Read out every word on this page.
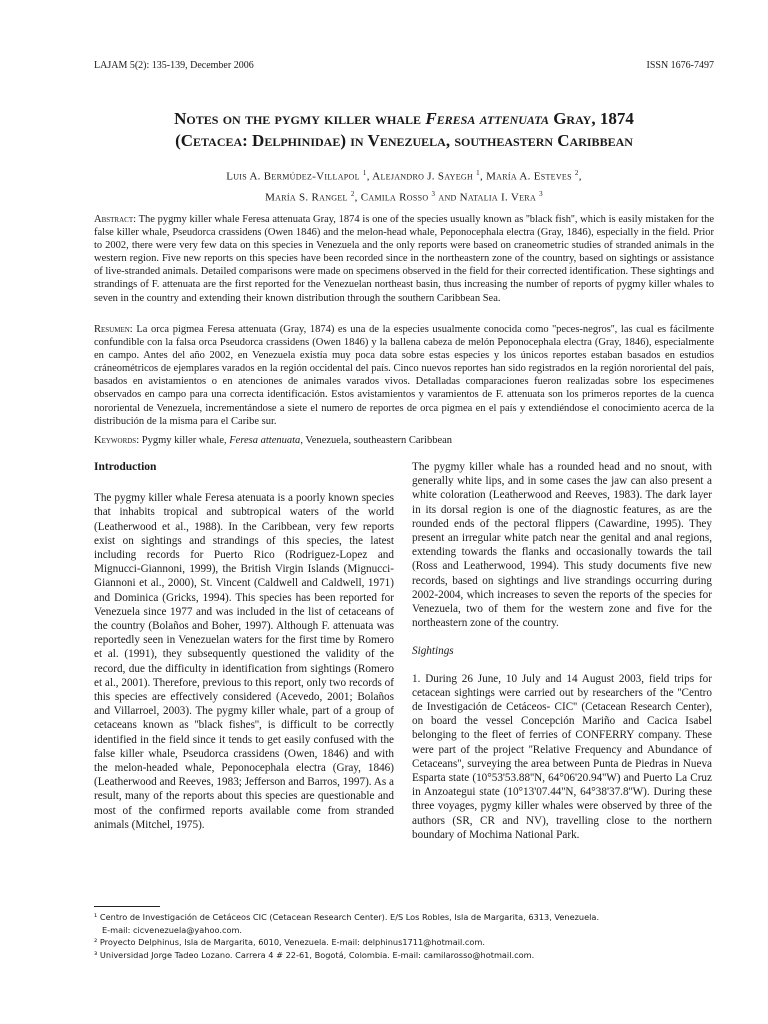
LAJAM 5(2): 135-139, December 2006	ISSN 1676-7497
Notes on the pygmy killer whale Feresa attenuata Gray, 1874
(Cetacea: Delphinidae) in Venezuela, southeastern Caribbean
Luis A. Bermúdez-Villapol $^1$, Alejandro J. Sayegh $^1$, María A. Esteves $^2$,
María S. Rangel $^2$, Camila Rosso $^3$ and Natalia I. Vera $^3$
Abstract: The pygmy killer whale Feresa attenuata Gray, 1874 is one of the species usually known as ''black fish'', which is easily mistaken for the false killer whale, Pseudorca crassidens (Owen 1846) and the melon-head whale, Peponocephala electra (Gray, 1846), especially in the field. Prior to 2002, there were very few data on this species in Venezuela and the only reports were based on craneometric studies of stranded animals in the western region. Five new reports on this species have been recorded since in the northeastern zone of the country, based on sightings or assistance of live-stranded animals. Detailed comparisons were made on specimens observed in the field for their corrected identification. These sightings and strandings of F. attenuata are the first reported for the Venezuelan northeast basin, thus increasing the number of reports of pygmy killer whales to seven in the country and extending their known distribution through the southern Caribbean Sea.
Resumen: La orca pigmea Feresa attenuata (Gray, 1874) es una de la especies usualmente conocida como ''peces-negros'', las cual es fácilmente confundible con la falsa orca Pseudorca crassidens (Owen 1846) y la ballena cabeza de melón Peponocephala electra (Gray, 1846), especialmente en campo. Antes del año 2002, en Venezuela existía muy poca data sobre estas especies y los únicos reportes estaban basados en estudios cráneométricos de ejemplares varados en la región occidental del país. Cinco nuevos reportes han sido registrados en la región nororiental del país, basados en avistamientos o en atenciones de animales varados vivos. Detalladas comparaciones fueron realizadas sobre los especimenes observados en campo para una correcta identificación. Estos avistamientos y varamientos de F. attenuata son los primeros reportes de la cuenca nororiental de Venezuela, incrementándose a siete el numero de reportes de orca pigmea en el país y extendiéndose el conocimiento acerca de la distribución de la misma para el Caribe sur.
Keywords: Pygmy killer whale, Feresa attenuata, Venezuela, southeastern Caribbean
Introduction

The pygmy killer whale Feresa atenuata is a poorly known species that inhabits tropical and subtropical waters of the world (Leatherwood et al., 1988). In the Caribbean, very few reports exist on sightings and strandings of this species, the latest including records for Puerto Rico (Rodriguez-Lopez and Mignucci-Giannoni, 1999), the British Virgin Islands (Mignucci-Giannoni et al., 2000), St. Vincent (Caldwell and Caldwell, 1971) and Dominica (Gricks, 1994). This species has been reported for Venezuela since 1977 and was included in the list of cetaceans of the country (Bolaños and Boher, 1997). Although F. attenuata was reportedly seen in Venezuelan waters for the first time by Romero et al. (1991), they subsequently questioned the validity of the record, due the difficulty in identification from sightings (Romero et al., 2001). Therefore, previous to this report, only two records of this species are effectively considered (Acevedo, 2001; Bolaños and Villarroel, 2003). The pygmy killer whale, part of a group of cetaceans known as ''black fishes'', is difficult to be correctly identified in the field since it tends to get easily confused with the false killer whale, Pseudorca crassidens (Owen, 1846) and with the melon-headed whale, Peponocephala electra (Gray, 1846) (Leatherwood and Reeves, 1983; Jefferson and Barros, 1997). As a result, many of the reports about this species are questionable and most of the confirmed reports available come from stranded animals (Mitchel, 1975).

The pygmy killer whale has a rounded head and no snout, with generally white lips, and in some cases the jaw can also present a white coloration (Leatherwood and Reeves, 1983). The dark layer in its dorsal region is one of the diagnostic features, as are the rounded ends of the pectoral flippers (Cawardine, 1995). They present an irregular white patch near the genital and anal regions, extending towards the flanks and occasionally towards the tail (Ross and Leatherwood, 1994). This study documents five new records, based on sightings and live strandings occurring during 2002-2004, which increases to seven the reports of the species for Venezuela, two of them for the western zone and five for the northeastern zone of the country.

Sightings

1. During 26 June, 10 July and 14 August 2003, field trips for cetacean sightings were carried out by researchers of the ''Centro de Investigación de Cetáceos- CIC'' (Cetacean Research Center), on board the vessel Concepción Mariño and Cacica Isabel belonging to the fleet of ferries of CONFERRY company. These were part of the project ''Relative Frequency and Abundance of Cetaceans'', surveying the area between Punta de Piedras in Nueva Esparta state (10°53'53.88''N, 64°06'20.94''W) and Puerto La Cruz in Anzoategui state (10°13'07.44''N, 64°38'37.8''W). During these three voyages, pygmy killer whales were observed by three of the authors (SR, CR and NV), travelling close to the northern boundary of Mochima National Park.

¹ Centro de Investigación de Cetáceos CIC (Cetacean Research Center). E/S Los Robles, Isla de Margarita, 6313, Venezuela.
E-mail: cicvenezuela@yahoo.com.
² Proyecto Delphinus, Isla de Margarita, 6010, Venezuela. E-mail: delphinus1711@hotmail.com.
³ Universidad Jorge Tadeo Lozano. Carrera 4 # 22-61, Bogotá, Colombia. E-mail: camilarosso@hotmail.com.
